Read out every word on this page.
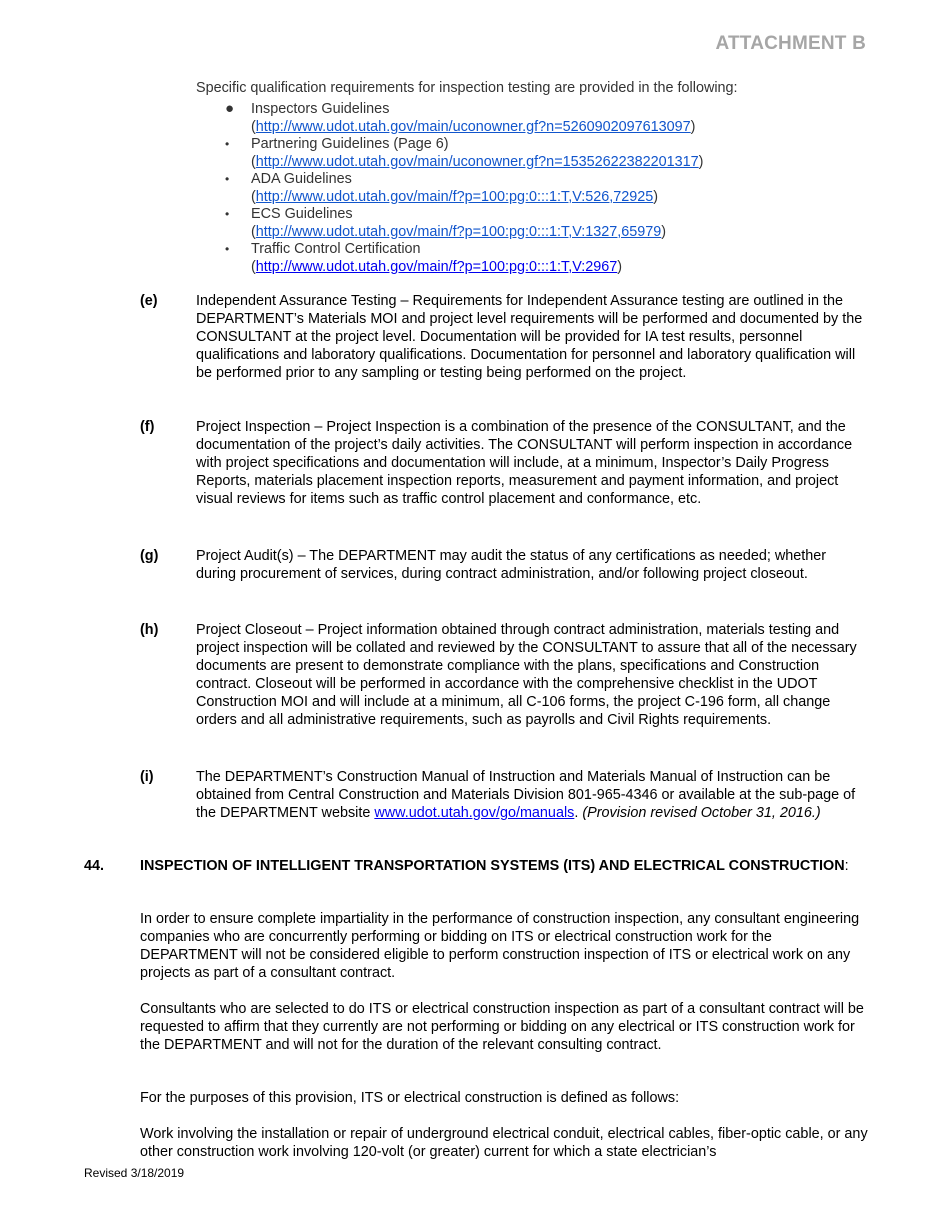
ATTACHMENT B
Specific qualification requirements for inspection testing are provided in the following:
● Inspectors Guidelines
(http://www.udot.utah.gov/main/uconowner.gf?n=5260902097613097)
• Partnering Guidelines (Page 6)
(http://www.udot.utah.gov/main/uconowner.gf?n=15352622382201317)
• ADA Guidelines
(http://www.udot.utah.gov/main/f?p=100:pg:0:::1:T,V:526,72925)
• ECS Guidelines
(http://www.udot.utah.gov/main/f?p=100:pg:0:::1:T,V:1327,65979)
• Traffic Control Certification
(http://www.udot.utah.gov/main/f?p=100:pg:0:::1:T,V:2967)
(e)	Independent Assurance Testing – Requirements for Independent Assurance testing are outlined in the DEPARTMENT’s Materials MOI and project level requirements will be performed and documented by the CONSULTANT at the project level. Documentation will be provided for IA test results, personnel qualifications and laboratory qualifications. Documentation for personnel and laboratory qualification will be performed prior to any sampling or testing being performed on the project.
(f)	Project Inspection – Project Inspection is a combination of the presence of the CONSULTANT, and the documentation of the project’s daily activities. The CONSULTANT will perform inspection in accordance with project specifications and documentation will include, at a minimum, Inspector’s Daily Progress Reports, materials placement inspection reports, measurement and payment information, and project visual reviews for items such as traffic control placement and conformance, etc.
(g)	Project Audit(s) – The DEPARTMENT may audit the status of any certifications as needed; whether during procurement of services, during contract administration, and/or following project closeout.
(h)	Project Closeout – Project information obtained through contract administration, materials testing and project inspection will be collated and reviewed by the CONSULTANT to assure that all of the necessary documents are present to demonstrate compliance with the plans, specifications and Construction contract. Closeout will be performed in accordance with the comprehensive checklist in the UDOT Construction MOI and will include at a minimum, all C-106 forms, the project C-196 form, all change orders and all administrative requirements, such as payrolls and Civil Rights requirements.
(i)	The DEPARTMENT’s Construction Manual of Instruction and Materials Manual of Instruction can be obtained from Central Construction and Materials Division 801-965-4346 or available at the sub-page of the DEPARTMENT website www.udot.utah.gov/go/manuals. (Provision revised October 31, 2016.)
44. INSPECTION OF INTELLIGENT TRANSPORTATION SYSTEMS (ITS) AND ELECTRICAL CONSTRUCTION:
In order to ensure complete impartiality in the performance of construction inspection, any consultant engineering companies who are concurrently performing or bidding on ITS or electrical construction work for the DEPARTMENT will not be considered eligible to perform construction inspection of ITS or electrical work on any projects as part of a consultant contract.
Consultants who are selected to do ITS or electrical construction inspection as part of a consultant contract will be requested to affirm that they currently are not performing or bidding on any electrical or ITS construction work for the DEPARTMENT and will not for the duration of the relevant consulting contract.
For the purposes of this provision, ITS or electrical construction is defined as follows:
Work involving the installation or repair of underground electrical conduit, electrical cables, fiber-optic cable, or any other construction work involving 120-volt (or greater) current for which a state electrician’s
Revised 3/18/2019
